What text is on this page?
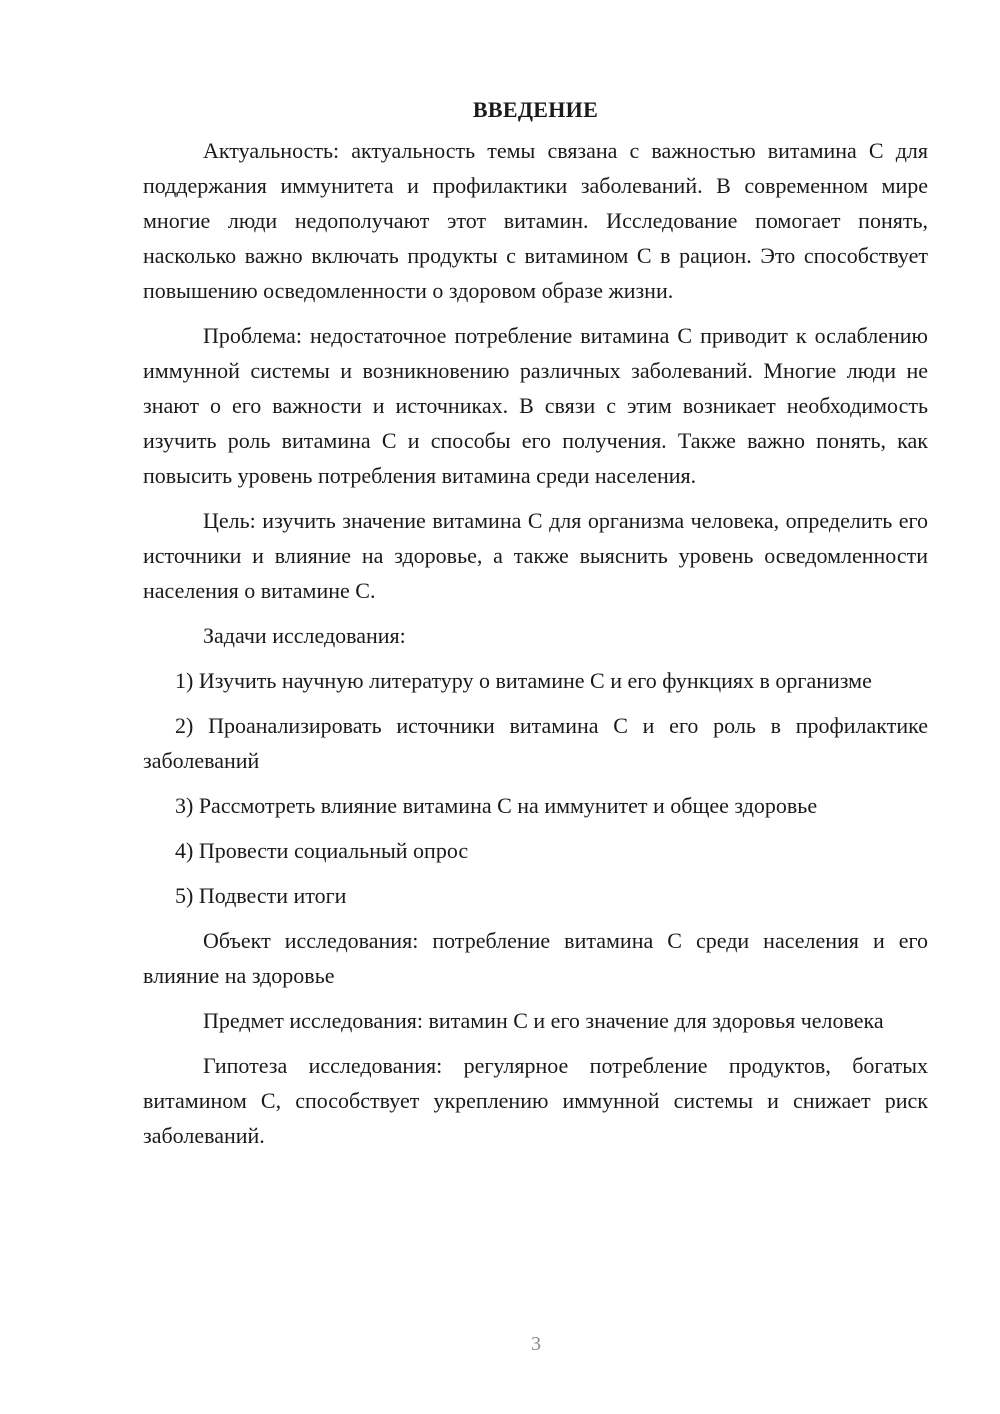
ВВЕДЕНИЕ

Актуальность: актуальность темы связана с важностью витамина С для поддержания иммунитета и профилактики заболеваний. В современном мире многие люди недополучают этот витамин. Исследование помогает понять, насколько важно включать продукты с витамином С в рацион. Это способствует повышению осведомленности о здоровом образе жизни.

Проблема: недостаточное потребление витамина С приводит к ослаблению иммунной системы и возникновению различных заболеваний. Многие люди не знают о его важности и источниках. В связи с этим возникает необходимость изучить роль витамина С и способы его получения. Также важно понять, как повысить уровень потребления витамина среди населения.

Цель: изучить значение витамина С для организма человека, определить его источники и влияние на здоровье, а также выяснить уровень осведомленности населения о витамине С.

Задачи исследования:

1) Изучить научную литературу о витамине С и его функциях в организме

2) Проанализировать источники витамина С и его роль в профилактике заболеваний

3) Рассмотреть влияние витамина С на иммунитет и общее здоровье

4) Провести социальный опрос

5) Подвести итоги

Объект исследования: потребление витамина С среди населения и его влияние на здоровье

Предмет исследования: витамин С и его значение для здоровья человека

Гипотеза исследования: регулярное потребление продуктов, богатых витамином С, способствует укреплению иммунной системы и снижает риск заболеваний.

3
